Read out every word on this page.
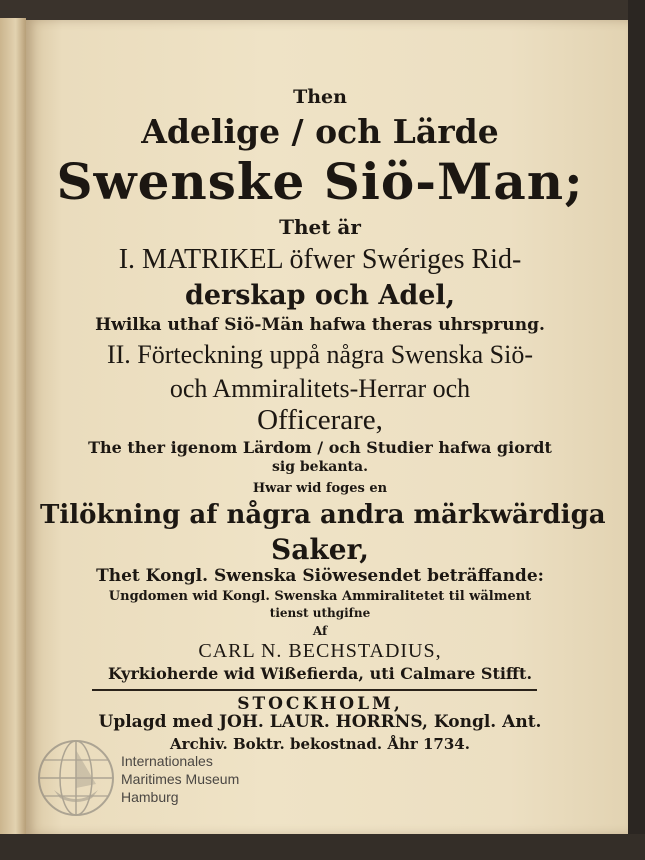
Then
Adelige / och Lärde
Swenske Siö-Man;
Thet är
I. MATRIKEL öfwer Swériges Rid-
derskap och Adel,
Hwilka uthaf Siö-Män hafwa theras uhrsprung.
II. Förteckning uppå några Swenska Siö-
och Ammiralitets-Herrar och
Officerare,
The ther igenom Lärdom / och Studier hafwa giordt
sig bekanta.
Hwar wid foges en
Tilökning af några andra märkwärdiga
Saker,
Thet Kongl. Swenska Siöwesendet beträffande:
Ungdomen wid Kongl. Swenska Ammiralitetet til wälment
tienst uthgifne
Af
CARL N. BECHSTADIUS,
Kyrkioherde wid Wißefierda, uti Calmare Stifft.
STOCKHOLM,
Uplagd med JOH. LAUR. HORRNS, Kongl. Ant.
Archiv. Boktr. bekostnad. Åhr 1734.
Internationales
Maritimes Museum
Hamburg
